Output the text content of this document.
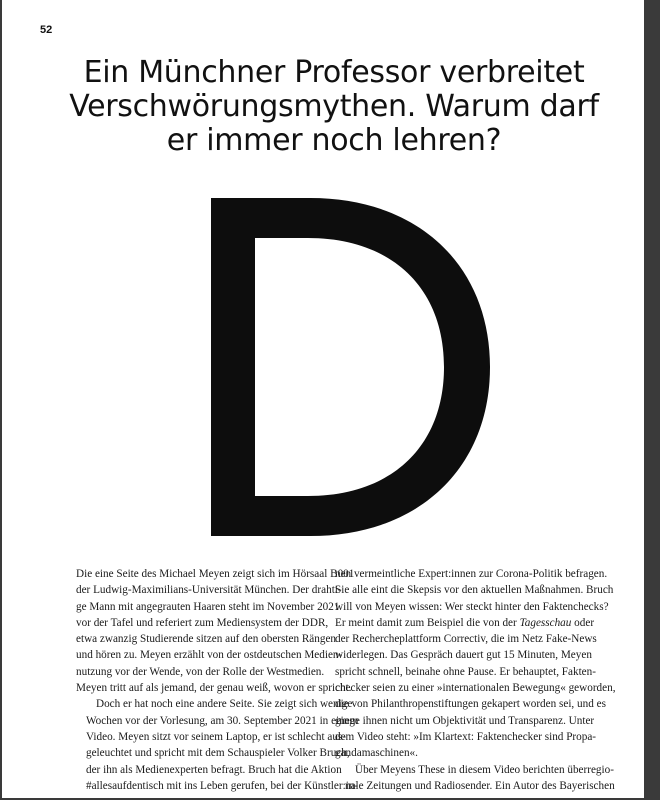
52
Ein Münchner Professor verbreitet
Verschwörungsmythen. Warum darf
er immer noch lehren?
Die eine Seite des Michael Meyen zeigt sich im Hörsaal B001
der Ludwig-Maximilians-Universität München. Der drahti-
ge Mann mit angegrauten Haaren steht im November 2021
vor der Tafel und referiert zum Mediensystem der DDR,
etwa zwanzig Studierende sitzen auf den obersten Rängen
und hören zu. Meyen erzählt von der ostdeutschen Medien-
nutzung vor der Wende, von der Rolle der Westmedien.
Meyen tritt auf als jemand, der genau weiß, wovon er spricht.
Doch er hat noch eine andere Seite. Sie zeigt sich wenige
Wochen vor der Vorlesung, am 30. September 2021 in einem
Video. Meyen sitzt vor seinem Laptop, er ist schlecht aus-
geleuchtet und spricht mit dem Schauspieler Volker Bruch,
der ihn als Medienexperten befragt. Bruch hat die Aktion
#allesaufdentisch mit ins Leben gerufen, bei der Künstler:in-
nen vermeintliche Expert:innen zur Corona-Politik befragen.
Sie alle eint die Skepsis vor den aktuellen Maßnahmen. Bruch
will von Meyen wissen: Wer steckt hinter den Faktenchecks?
Er meint damit zum Beispiel die von der Tagesschau oder
der Rechercheplattform Correctiv, die im Netz Fake-News
widerlegen. Das Gespräch dauert gut 15 Minuten, Meyen
spricht schnell, beinahe ohne Pause. Er behauptet, Fakten-
checker seien zu einer »internationalen Bewegung« geworden,
die von Philanthropenstiftungen gekapert worden sei, und es
ginge ihnen nicht um Objektivität und Transparenz. Unter
dem Video steht: »Im Klartext: Faktenchecker sind Propa-
gandamaschinen«.
Über Meyens These in diesem Video berichten überregio-
nale Zeitungen und Radiosender. Ein Autor des Bayerischen
